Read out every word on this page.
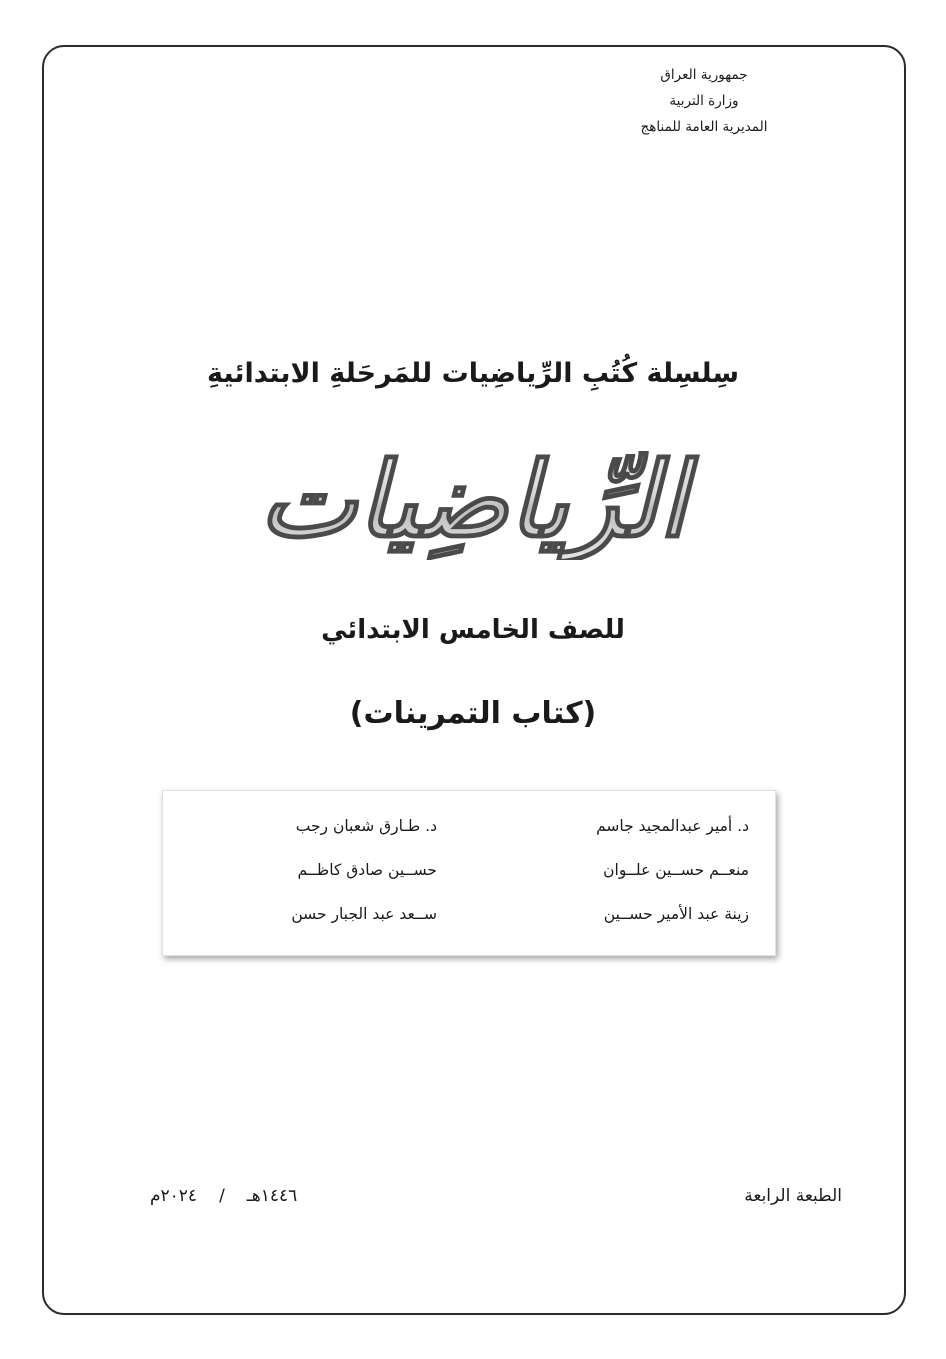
جمهورية العراق
وزارة التربية
المديرية العامة للمناهج
سِلسِلة كُتُبِ الرِّياضِيات للمَرحَلةِ الابتدائيةِ
الرِّياضِيات
للصف الخامس الابتدائي
(كتاب التمرينات)
د. أمير عبدالمجيد جاسم
منعــم حســين علــوان
زينة عبد الأمير حســين
د. طـارق شعبان رجب
حســين صادق كاظــم
ســعد عبد الجبار حسن
الطبعة الرابعة
٢٠٢٤م / ١٤٤٦هـ
